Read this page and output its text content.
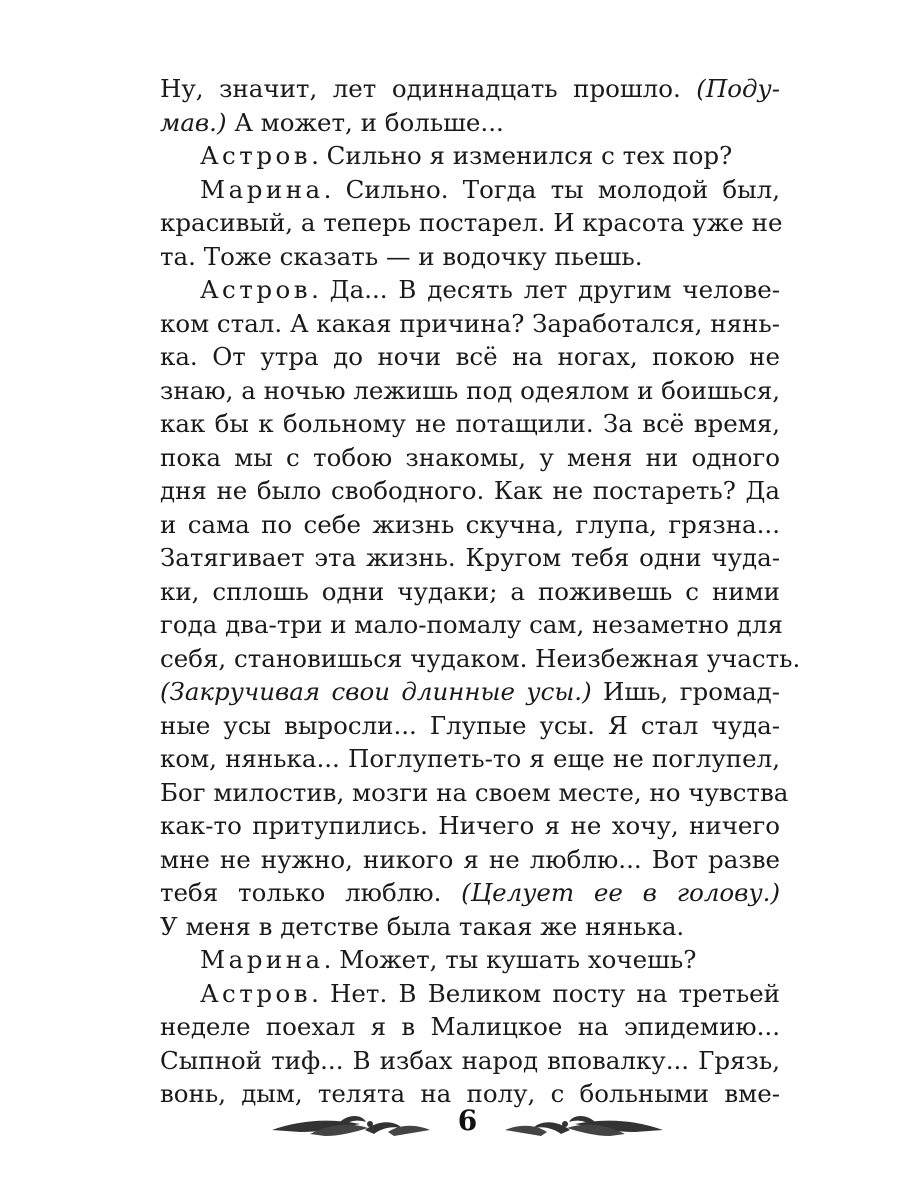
Ну, значит, лет одиннадцать прошло. (Поду-
мав.) А может, и больше...
Астров. Сильно я изменился с тех пор?
Марина. Сильно. Тогда ты молодой был,
красивый, а теперь постарел. И красота уже не
та. Тоже сказать — и водочку пьешь.
Астров. Да... В десять лет другим челове-
ком стал. А какая причина? Заработался, нянь-
ка. От утра до ночи всё на ногах, покою не
знаю, а ночью лежишь под одеялом и боишься,
как бы к больному не потащили. За всё время,
пока мы с тобою знакомы, у меня ни одного
дня не было свободного. Как не постареть? Да
и сама по себе жизнь скучна, глупа, грязна...
Затягивает эта жизнь. Кругом тебя одни чуда-
ки, сплошь одни чудаки; а поживешь с ними
года два-три и мало-помалу сам, незаметно для
себя, становишься чудаком. Неизбежная участь.
(Закручивая свои длинные усы.) Ишь, громад-
ные усы выросли... Глупые усы. Я стал чуда-
ком, нянька... Поглупеть-то я еще не поглупел,
Бог милостив, мозги на своем месте, но чувства
как-то притупились. Ничего я не хочу, ничего
мне не нужно, никого я не люблю... Вот разве
тебя только люблю. (Целует ее в голову.)
У меня в детстве была такая же нянька.
Марина. Может, ты кушать хочешь?
Астров. Нет. В Великом посту на третьей
неделе поехал я в Малицкое на эпидемию...
Сыпной тиф... В избах народ вповалку... Грязь,
вонь, дым, телята на полу, с больными вме-
6
